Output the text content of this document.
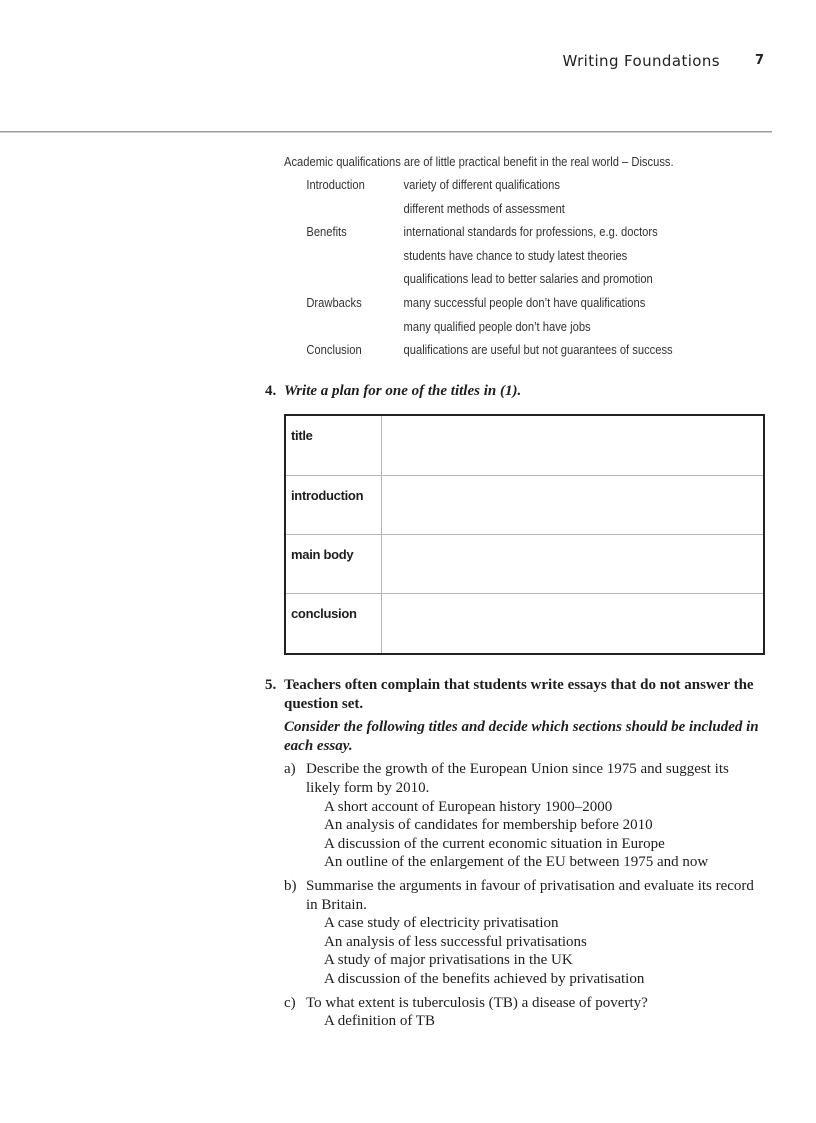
Writing Foundations	7
Academic qualifications are of little practical benefit in the real world – Discuss.
Introduction	variety of different qualifications
different methods of assessment
Benefits	international standards for professions, e.g. doctors
students have chance to study latest theories
qualifications lead to better salaries and promotion
Drawbacks	many successful people don’t have qualifications
many qualified people don’t have jobs
Conclusion	qualifications are useful but not guarantees of success
4. Write a plan for one of the titles in (1).
title	
introduction	
main body	
conclusion	
5. Teachers often complain that students write essays that do not answer the question set.
Consider the following titles and decide which sections should be included in each essay.
a) Describe the growth of the European Union since 1975 and suggest its likely form by 2010.
A short account of European history 1900–2000
An analysis of candidates for membership before 2010
A discussion of the current economic situation in Europe
An outline of the enlargement of the EU between 1975 and now
b) Summarise the arguments in favour of privatisation and evaluate its record in Britain.
A case study of electricity privatisation
An analysis of less successful privatisations
A study of major privatisations in the UK
A discussion of the benefits achieved by privatisation
c) To what extent is tuberculosis (TB) a disease of poverty?
A definition of TB
